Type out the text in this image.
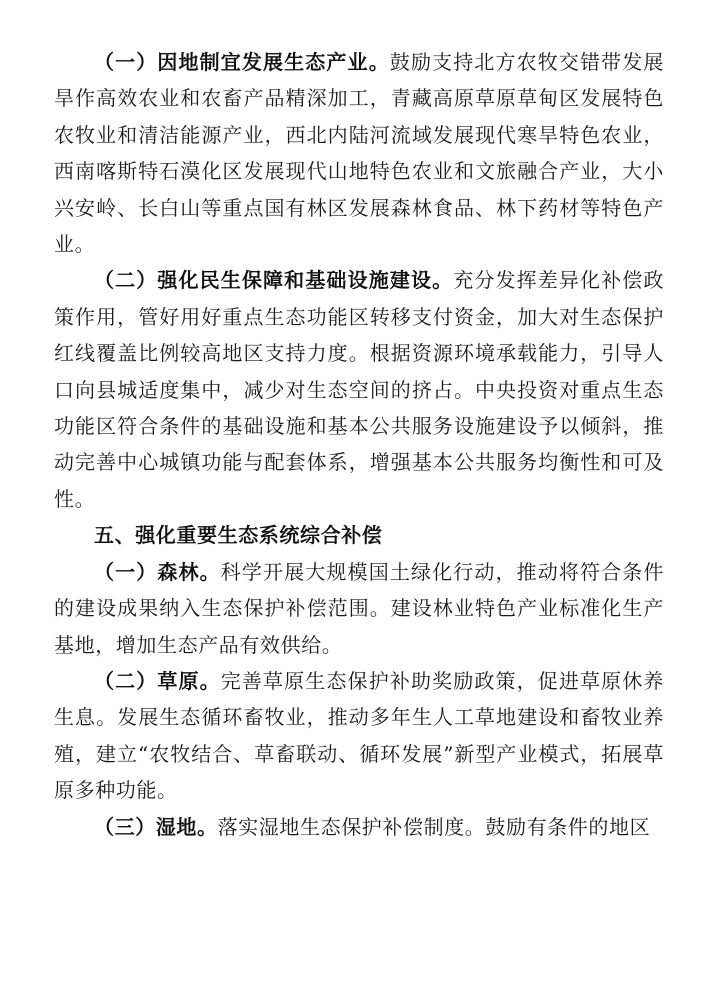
（一）因地制宜发展生态产业。鼓励支持北方农牧交错带发展旱作高效农业和农畜产品精深加工，青藏高原草原草甸区发展特色农牧业和清洁能源产业，西北内陆河流域发展现代寒旱特色农业，西南喀斯特石漠化区发展现代山地特色农业和文旅融合产业，大小兴安岭、长白山等重点国有林区发展森林食品、林下药材等特色产业。

（二）强化民生保障和基础设施建设。充分发挥差异化补偿政策作用，管好用好重点生态功能区转移支付资金，加大对生态保护红线覆盖比例较高地区支持力度。根据资源环境承载能力，引导人口向县城适度集中，减少对生态空间的挤占。中央投资对重点生态功能区符合条件的基础设施和基本公共服务设施建设予以倾斜，推动完善中心城镇功能与配套体系，增强基本公共服务均衡性和可及性。

五、强化重要生态系统综合补偿

（一）森林。科学开展大规模国土绿化行动，推动将符合条件的建设成果纳入生态保护补偿范围。建设林业特色产业标准化生产基地，增加生态产品有效供给。

（二）草原。完善草原生态保护补助奖励政策，促进草原休养生息。发展生态循环畜牧业，推动多年生人工草地建设和畜牧业养殖，建立“农牧结合、草畜联动、循环发展”新型产业模式，拓展草原多种功能。

（三）湿地。落实湿地生态保护补偿制度。鼓励有条件的地区
